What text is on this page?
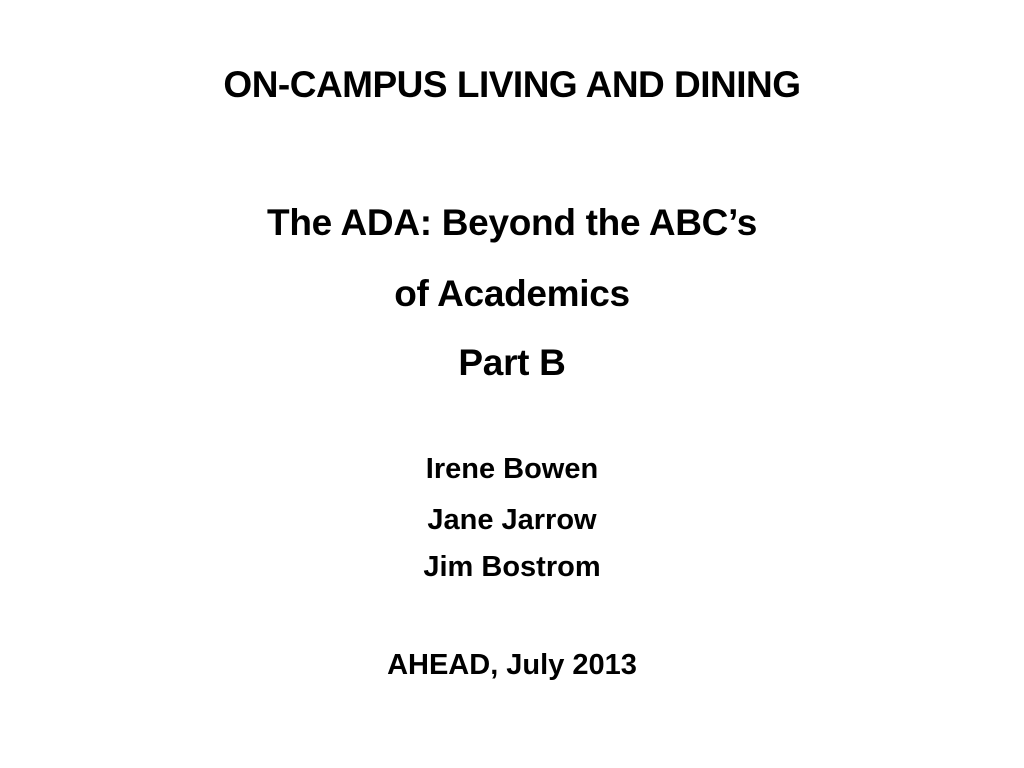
ON-CAMPUS LIVING AND DINING
The ADA: Beyond the ABC’s
of Academics
Part B
Irene Bowen
Jane Jarrow
Jim Bostrom
AHEAD, July 2013
